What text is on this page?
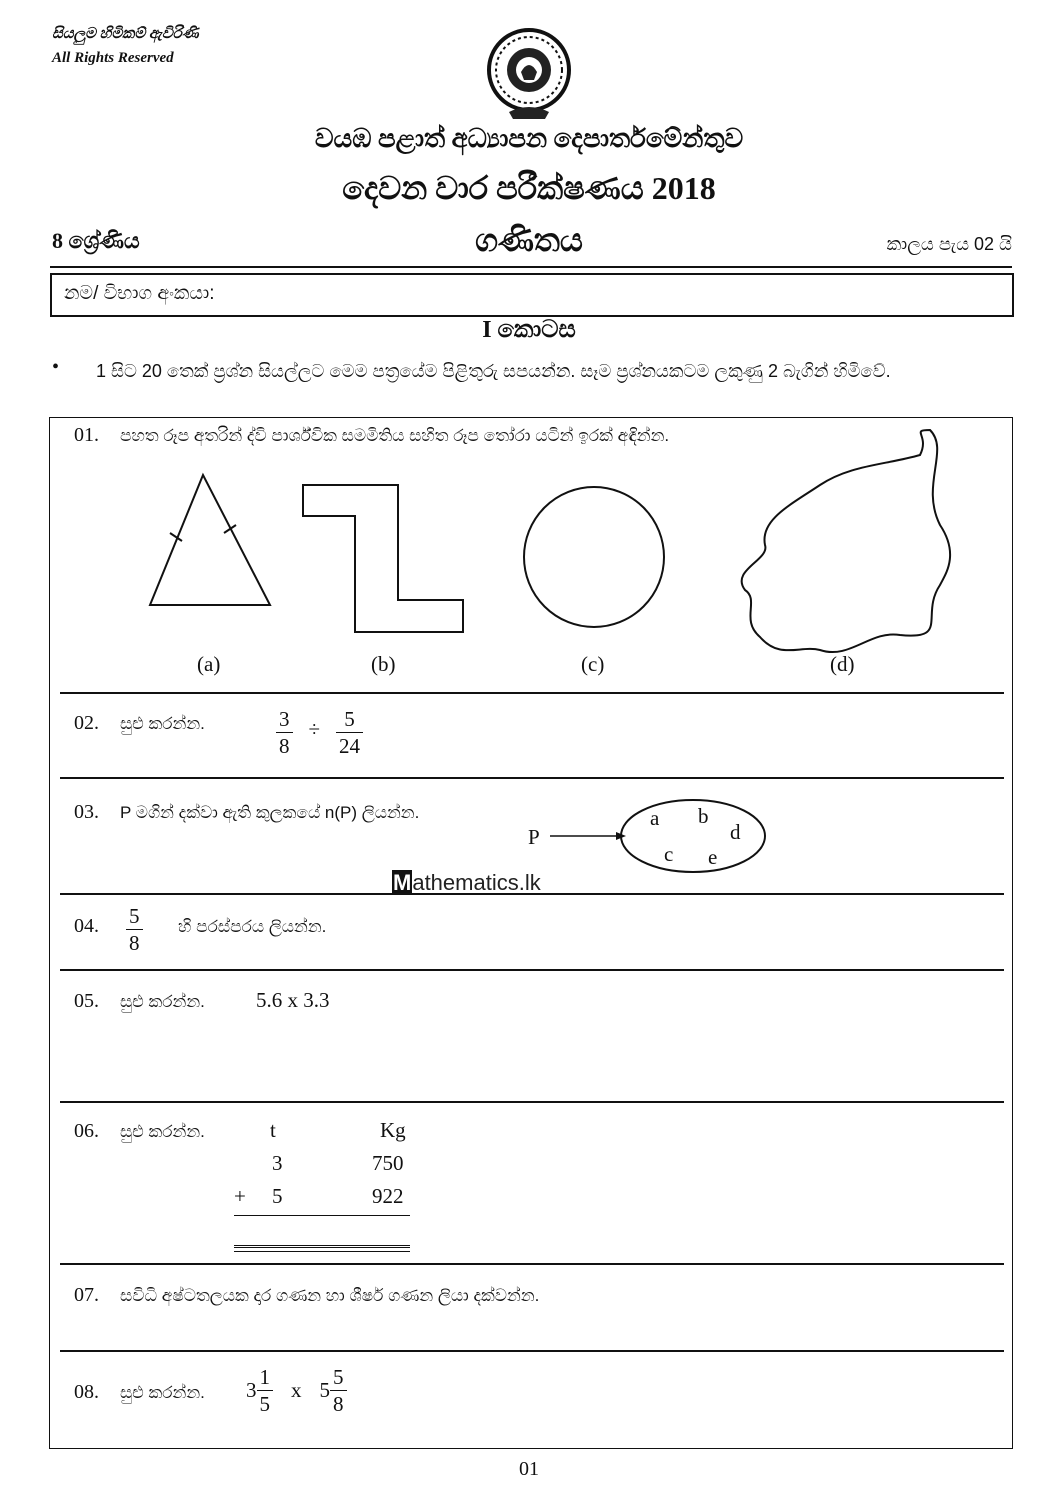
සියලුම හිමිකම් ඇවිරිණි
All Rights Reserved
වයඹ පළාත් අධ්‍යාපන දෙපාර්තමේන්තුව
දෙවන වාර පරීක්ෂණය 2018
8 ශ්‍රේණිය	ගණිතය	කාලය පැය 02 යි
නම/ විභාග අංකයා:
I කොටස
• 1 සිට 20 තෙක් ප්‍රශ්න සියල්ලට මෙම පත්‍රයේම පිළිතුරු සපයන්න. සෑම ප්‍රශ්නයකටම ලකුණු 2 බැගින් හිමිවේ.
01. පහත රූප අතරින් ද්වි පාර්ශ්වික සමමිතිය සහිත රූප තෝරා යටින් ඉරක් අඳින්න.
(a)	(b)	(c)	(d)
02. සුළු කරන්න.	$\frac{3}{8} \div \frac{5}{24}$
03. P මගින් දක්වා ඇති කුලකයේ n(P) ලියන්න.
P
a b
d
c e
Mathematics.lk
04. $\frac{5}{8}$ හි පරස්පරය ලියන්න.
05. සුළු කරන්න. 5.6 x 3.3
06. සුළු කරන්න.	t	Kg
3	750
+ 5	922
07. සවිධි අෂ්ටතලයක දාර ගණන හා ශීර්ෂ ගණන ලියා දක්වන්න.
08. සුළු කරන්න. $3 \frac{1}{5}$ x $5 \frac{5}{8}$
01
